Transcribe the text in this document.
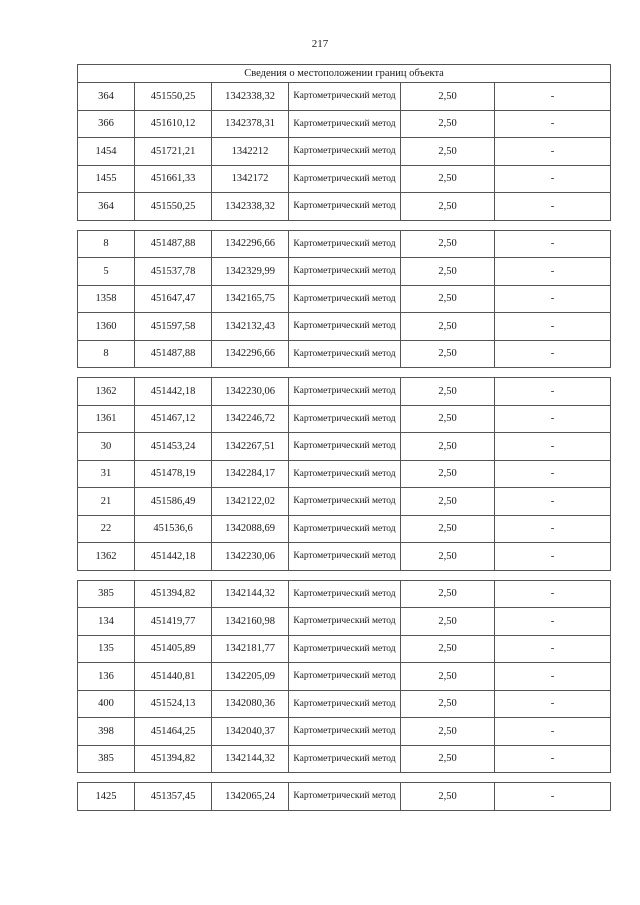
217
Сведения о местоположении границ объекта					
364	451550,25	1342338,32	Картометрический метод	2,50	-
366	451610,12	1342378,31	Картометрический метод	2,50	-
1454	451721,21	1342212	Картометрический метод	2,50	-
1455	451661,33	1342172	Картометрический метод	2,50	-
364	451550,25	1342338,32	Картометрический метод	2,50	-

8	451487,88	1342296,66	Картометрический метод	2,50	-
5	451537,78	1342329,99	Картометрический метод	2,50	-
1358	451647,47	1342165,75	Картометрический метод	2,50	-
1360	451597,58	1342132,43	Картометрический метод	2,50	-
8	451487,88	1342296,66	Картометрический метод	2,50	-

1362	451442,18	1342230,06	Картометрический метод	2,50	-
1361	451467,12	1342246,72	Картометрический метод	2,50	-
30	451453,24	1342267,51	Картометрический метод	2,50	-
31	451478,19	1342284,17	Картометрический метод	2,50	-
21	451586,49	1342122,02	Картометрический метод	2,50	-
22	451536,6	1342088,69	Картометрический метод	2,50	-
1362	451442,18	1342230,06	Картометрический метод	2,50	-

385	451394,82	1342144,32	Картометрический метод	2,50	-
134	451419,77	1342160,98	Картометрический метод	2,50	-
135	451405,89	1342181,77	Картометрический метод	2,50	-
136	451440,81	1342205,09	Картометрический метод	2,50	-
400	451524,13	1342080,36	Картометрический метод	2,50	-
398	451464,25	1342040,37	Картометрический метод	2,50	-
385	451394,82	1342144,32	Картометрический метод	2,50	-

1425	451357,45	1342065,24	Картометрический метод	2,50	-
